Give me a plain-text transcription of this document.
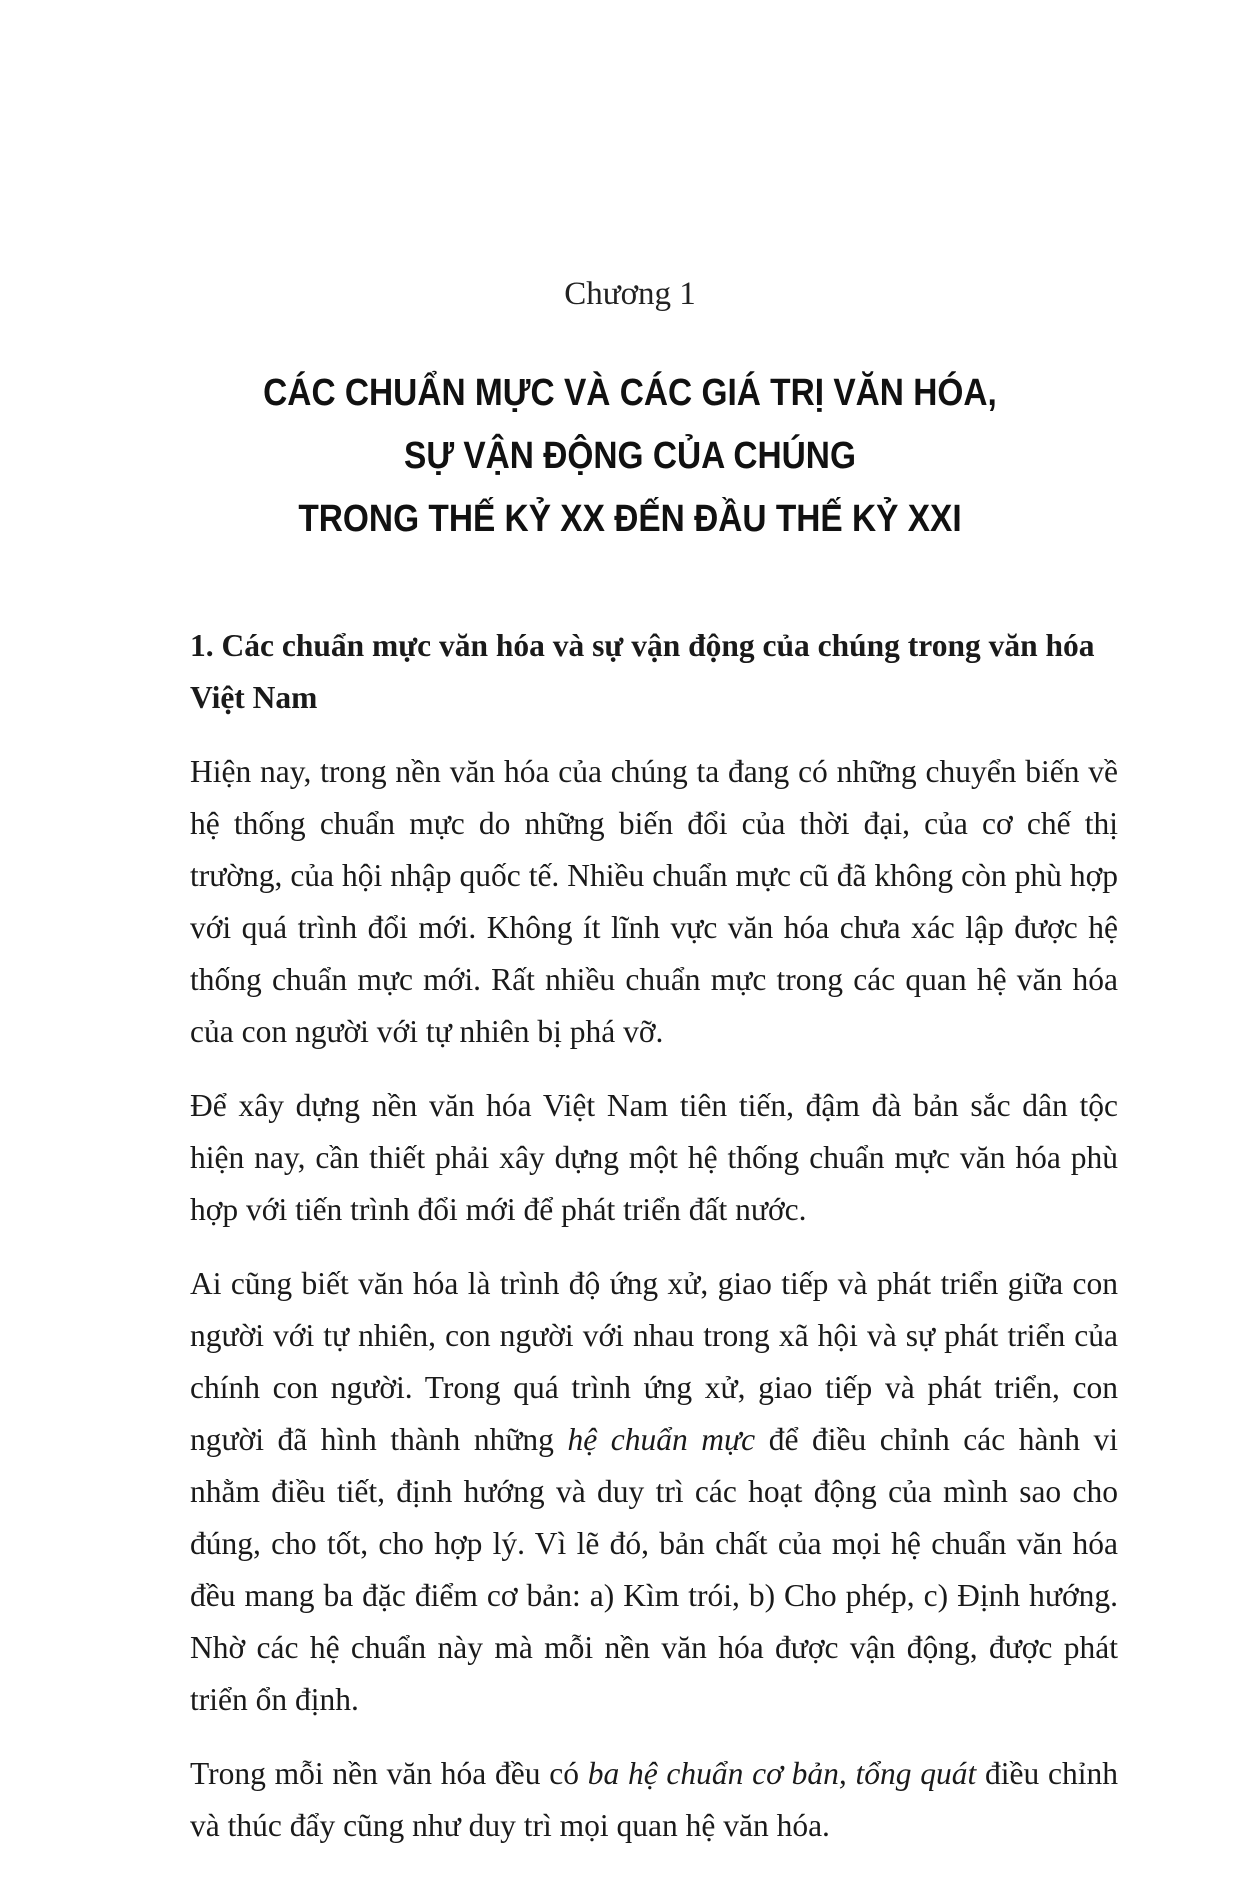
Chương 1
CÁC CHUẨN MỰC VÀ CÁC GIÁ TRỊ VĂN HÓA,
SỰ VẬN ĐỘNG CỦA CHÚNG
TRONG THẾ KỶ XX ĐẾN ĐẦU THẾ KỶ XXI
1. Các chuẩn mực văn hóa và sự vận động của chúng trong văn hóa Việt Nam

Hiện nay, trong nền văn hóa của chúng ta đang có những chuyển biến về hệ thống chuẩn mực do những biến đổi của thời đại, của cơ chế thị trường, của hội nhập quốc tế. Nhiều chuẩn mực cũ đã không còn phù hợp với quá trình đổi mới. Không ít lĩnh vực văn hóa chưa xác lập được hệ thống chuẩn mực mới. Rất nhiều chuẩn mực trong các quan hệ văn hóa của con người với tự nhiên bị phá vỡ.

Để xây dựng nền văn hóa Việt Nam tiên tiến, đậm đà bản sắc dân tộc hiện nay, cần thiết phải xây dựng một hệ thống chuẩn mực văn hóa phù hợp với tiến trình đổi mới để phát triển đất nước.

Ai cũng biết văn hóa là trình độ ứng xử, giao tiếp và phát triển giữa con người với tự nhiên, con người với nhau trong xã hội và sự phát triển của chính con người. Trong quá trình ứng xử, giao tiếp và phát triển, con người đã hình thành những hệ chuẩn mực để điều chỉnh các hành vi nhằm điều tiết, định hướng và duy trì các hoạt động của mình sao cho đúng, cho tốt, cho hợp lý. Vì lẽ đó, bản chất của mọi hệ chuẩn văn hóa đều mang ba đặc điểm cơ bản: a) Kìm trói, b) Cho phép, c) Định hướng. Nhờ các hệ chuẩn này mà mỗi nền văn hóa được vận động, được phát triển ổn định.

Trong mỗi nền văn hóa đều có ba hệ chuẩn cơ bản, tổng quát điều chỉnh và thúc đẩy cũng như duy trì mọi quan hệ văn hóa.
